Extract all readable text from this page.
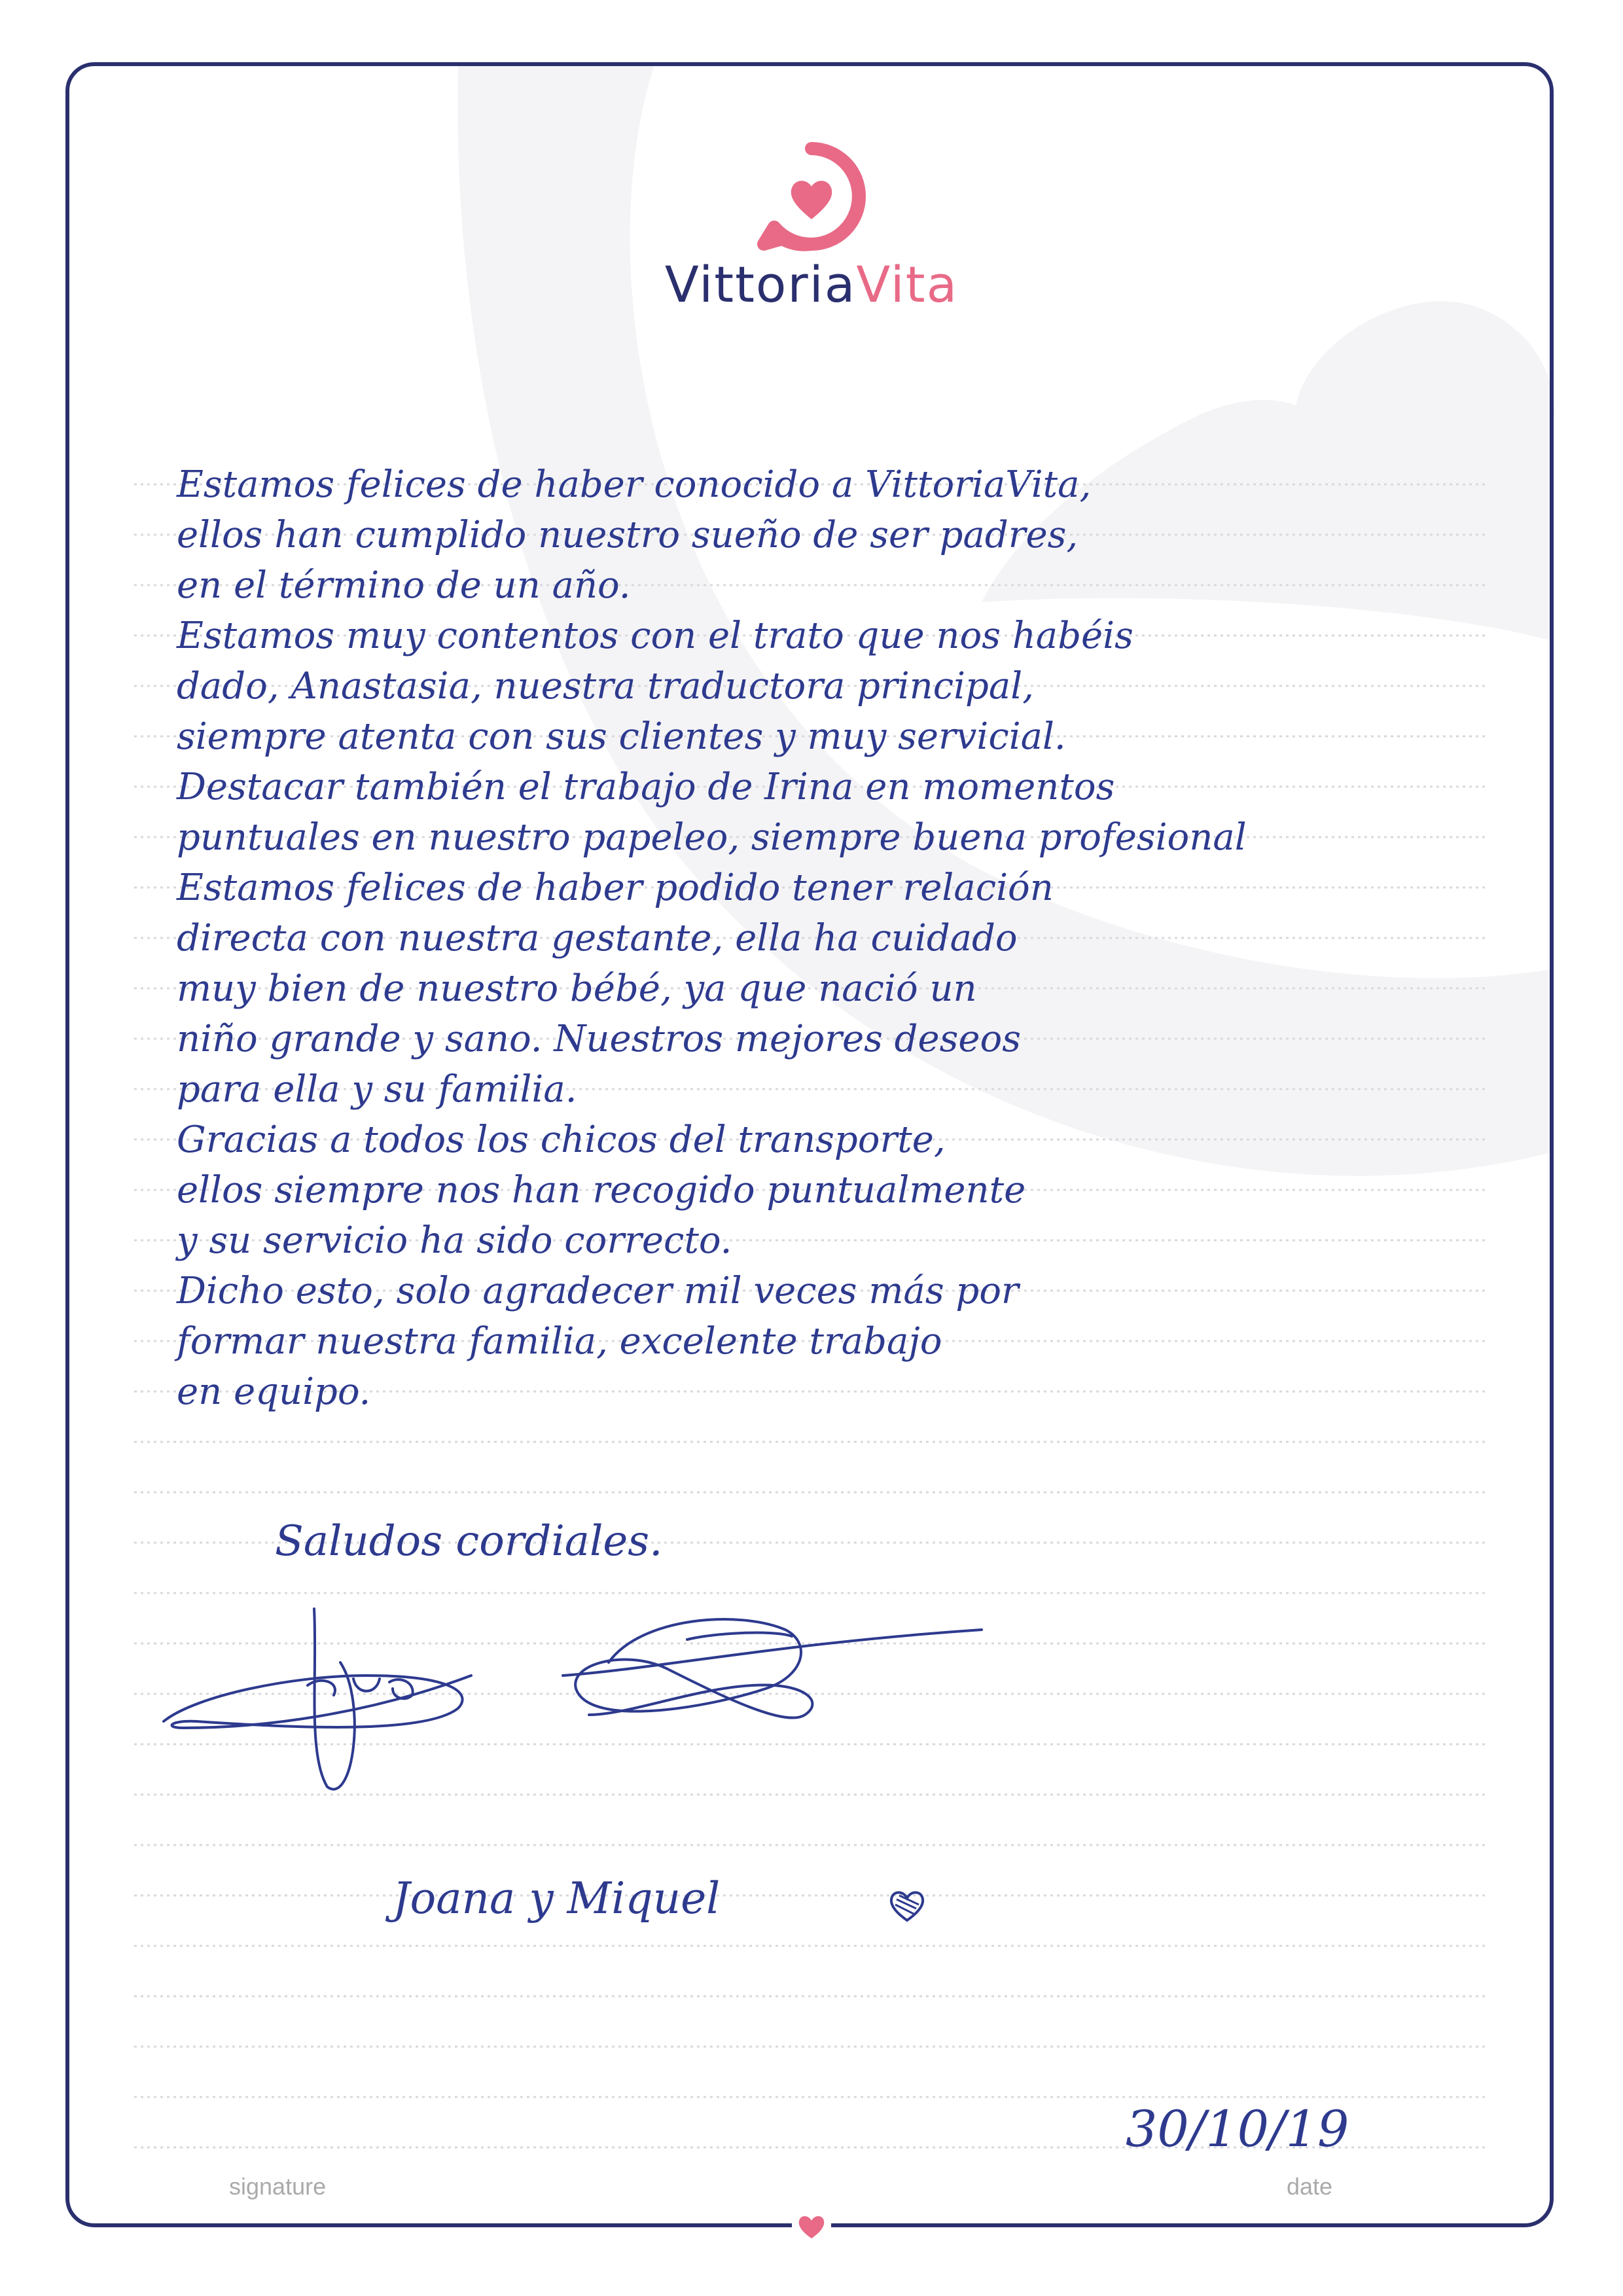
VittoriaVita
Estamos felices de haber conocido a VittoriaVita,
ellos han cumplido nuestro sueño de ser padres,
en el término de un año.
Estamos muy contentos con el trato que nos habéis
dado, Anastasia, nuestra traductora principal,
siempre atenta con sus clientes y muy servicial.
Destacar también el trabajo de Irina en momentos
puntuales en nuestro papeleo, siempre buena profesional
Estamos felices de haber podido tener relación
directa con nuestra gestante, ella ha cuidado
muy bien de nuestro bébé, ya que nació un
niño grande y sano. Nuestros mejores deseos
para ella y su familia.
Gracias a todos los chicos del transporte,
ellos siempre nos han recogido puntualmente
y su servicio ha sido correcto.
Dicho esto, solo agradecer mil veces más por
formar nuestra familia, excelente trabajo
en equipo.
Saludos cordiales.
Joana y Miquel
30/10/19
signature	date
